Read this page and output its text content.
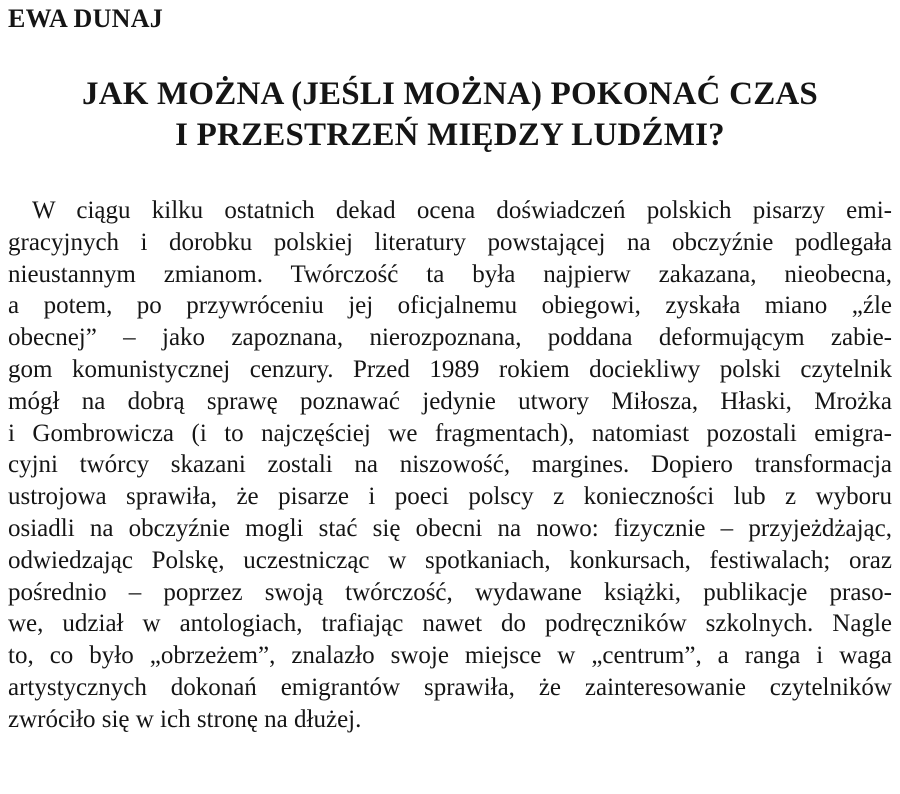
EWA DUNAJ
JAK MOŻNA (JEŚLI MOŻNA) POKONAĆ CZAS
I PRZESTRZEŃ MIĘDZY LUDŹMI?
W ciągu kilku ostatnich dekad ocena doświadczeń polskich pisarzy emi-
gracyjnych i dorobku polskiej literatury powstającej na obczyźnie podlegała
nieustannym zmianom. Twórczość ta była najpierw zakazana, nieobecna,
a potem, po przywróceniu jej oficjalnemu obiegowi, zyskała miano „źle
obecnej” – jako zapoznana, nierozpoznana, poddana deformującym zabie-
gom komunistycznej cenzury. Przed 1989 rokiem dociekliwy polski czytelnik
mógł na dobrą sprawę poznawać jedynie utwory Miłosza, Hłaski, Mrożka
i Gombrowicza (i to najczęściej we fragmentach), natomiast pozostali emigra-
cyjni twórcy skazani zostali na niszowość, margines. Dopiero transformacja
ustrojowa sprawiła, że pisarze i poeci polscy z konieczności lub z wyboru
osiadli na obczyźnie mogli stać się obecni na nowo: fizycznie – przyjeżdżając,
odwiedzając Polskę, uczestnicząc w spotkaniach, konkursach, festiwalach; oraz
pośrednio – poprzez swoją twórczość, wydawane książki, publikacje praso-
we, udział w antologiach, trafiając nawet do podręczników szkolnych. Nagle
to, co było „obrzeżem”, znalazło swoje miejsce w „centrum”, a ranga i waga
artystycznych dokonań emigrantów sprawiła, że zainteresowanie czytelników
zwróciło się w ich stronę na dłużej.
